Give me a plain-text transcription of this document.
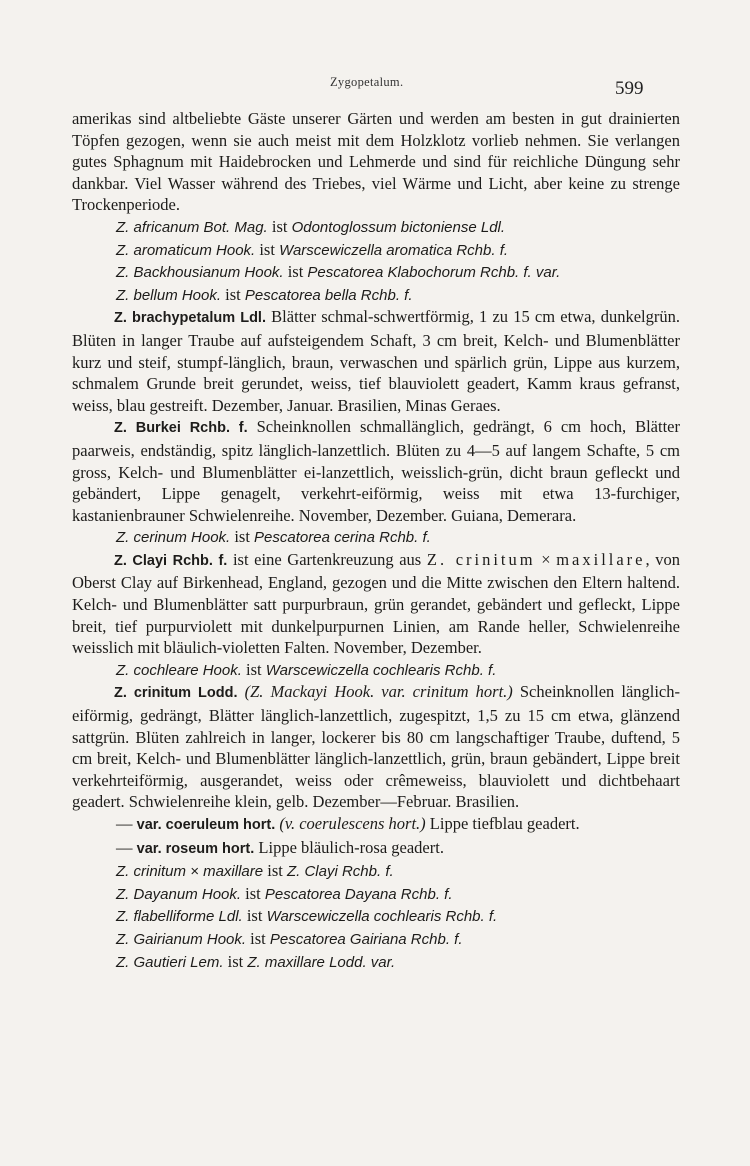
Zygopetalum.	599

amerikas sind altbeliebte Gäste unserer Gärten und werden am besten in gut drainierten Töpfen gezogen, wenn sie auch meist mit dem Holzklotz vorlieb nehmen. Sie verlangen gutes Sphagnum mit Haidebrocken und Lehmerde und sind für reichliche Düngung sehr dankbar. Viel Wasser während des Triebes, viel Wärme und Licht, aber keine zu strenge Trockenperiode.

Z. africanum Bot. Mag. ist Odontoglossum bictoniense Ldl.

Z. aromaticum Hook. ist Warscewiczella aromatica Rchb. f.

Z. Backhousianum Hook. ist Pescatorea Klabochorum Rchb. f. var.

Z. bellum Hook. ist Pescatorea bella Rchb. f.

Z. brachypetalum Ldl. Blätter schmal-schwertförmig, 1 zu 15 cm etwa, dunkelgrün. Blüten in langer Traube auf aufsteigendem Schaft, 3 cm breit, Kelch- und Blumenblätter kurz und steif, stumpf-länglich, braun, verwaschen und spärlich grün, Lippe aus kurzem, schmalem Grunde breit gerundet, weiss, tief blauviolett geadert, Kamm kraus gefranst, weiss, blau gestreift. Dezember, Januar. Brasilien, Minas Geraes.

Z. Burkei Rchb. f. Scheinknollen schmallänglich, gedrängt, 6 cm hoch, Blätter paarweis, endständig, spitz länglich-lanzettlich. Blüten zu 4—5 auf langem Schafte, 5 cm gross, Kelch- und Blumenblätter ei-lanzettlich, weisslich-grün, dicht braun gefleckt und gebändert, Lippe genagelt, verkehrt-eiförmig, weiss mit etwa 13-furchiger, kastanienbrauner Schwielenreihe. November, Dezember. Guiana, Demerara.

Z. cerinum Hook. ist Pescatorea cerina Rchb. f.

Z. Clayi Rchb. f. ist eine Gartenkreuzung aus Z. crinitum × maxillare, von Oberst Clay auf Birkenhead, England, gezogen und die Mitte zwischen den Eltern haltend. Kelch- und Blumenblätter satt purpurbraun, grün gerandet, gebändert und gefleckt, Lippe breit, tief purpurviolett mit dunkelpurpurnen Linien, am Rande heller, Schwielenreihe weisslich mit bläulich-violetten Falten. November, Dezember.

Z. cochleare Hook. ist Warscewiczella cochlearis Rchb. f.

Z. crinitum Lodd. (Z. Mackayi Hook. var. crinitum hort.) Scheinknollen länglich-eiförmig, gedrängt, Blätter länglich-lanzettlich, zugespitzt, 1,5 zu 15 cm etwa, glänzend sattgrün. Blüten zahlreich in langer, lockerer bis 80 cm langschaftiger Traube, duftend, 5 cm breit, Kelch- und Blumenblätter länglich-lanzettlich, grün, braun gebändert, Lippe breit verkehrteiförmig, ausgerandet, weiss oder crêmeweiss, blauviolett und dichtbehaart geadert. Schwielenreihe klein, gelb. Dezember—Februar. Brasilien.

— var. coeruleum hort. (v. coerulescens hort.) Lippe tiefblau geadert.

— var. roseum hort. Lippe bläulich-rosa geadert.

Z. crinitum × maxillare ist Z. Clayi Rchb. f.

Z. Dayanum Hook. ist Pescatorea Dayana Rchb. f.

Z. flabelliforme Ldl. ist Warscewiczella cochlearis Rchb. f.

Z. Gairianum Hook. ist Pescatorea Gairiana Rchb. f.

Z. Gautieri Lem. ist Z. maxillare Lodd. var.
